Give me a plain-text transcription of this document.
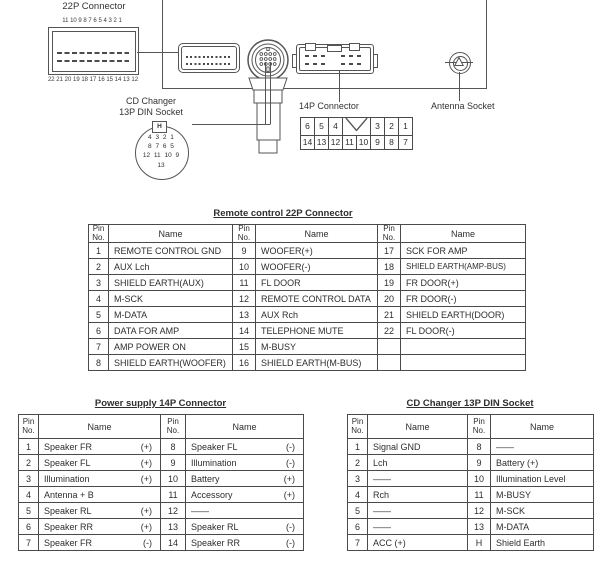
22P Connector
11 10 9 8 7 6 5 4 3 2 1
22 21 20 19 18 17 16 15 14 13 12
CD Changer
13P DIN Socket
14P Connector	Antenna Socket
H
4 3 2 1
8 7 6 5
12 11 10 9
13
6	5	4			3	2	1
14	13	12	11	10	9	8	7
Remote control 22P Connector
Pin
No.	Name	Pin
No.	Name	Pin
No.	Name
1	REMOTE CONTROL GND	9	WOOFER(+)	17	SCK FOR AMP
2	AUX Lch	10	WOOFER(-)	18	SHIELD EARTH(AMP-BUS)
3	SHIELD EARTH(AUX)	11	FL DOOR	19	FR DOOR(+)
4	M-SCK	12	REMOTE CONTROL DATA	20	FR DOOR(-)
5	M-DATA	13	AUX Rch	21	SHIELD EARTH(DOOR)
6	DATA FOR AMP	14	TELEPHONE MUTE	22	FL DOOR(-)
7	AMP POWER ON	15	M-BUSY		
8	SHIELD EARTH(WOOFER)	16	SHIELD EARTH(M-BUS)		
Power supply 14P Connector
Pin
No.	Name	Pin
No.	Name
1	Speaker FR (+)	8	Speaker FL (-)

2	Speaker FL (+)	9	Illumination (-)

3	Illumination (+)	10	Battery (+)

4	Antenna + B	11	Accessory (+)

5	Speaker RL (+)	12	——

6	Speaker RR (+)	13	Speaker RL (-)

7	Speaker FR (-)	14	Speaker RR (-)
CD Changer 13P DIN Socket
Pin
No.	Name	Pin
No.	Name
1	Signal GND	8	——
2	Lch	9	Battery (+)
3	——	10	Illumination Level
4	Rch	11	M-BUSY
5	——	12	M-SCK
6	——	13	M-DATA
7	ACC (+)	H	Shield Earth
